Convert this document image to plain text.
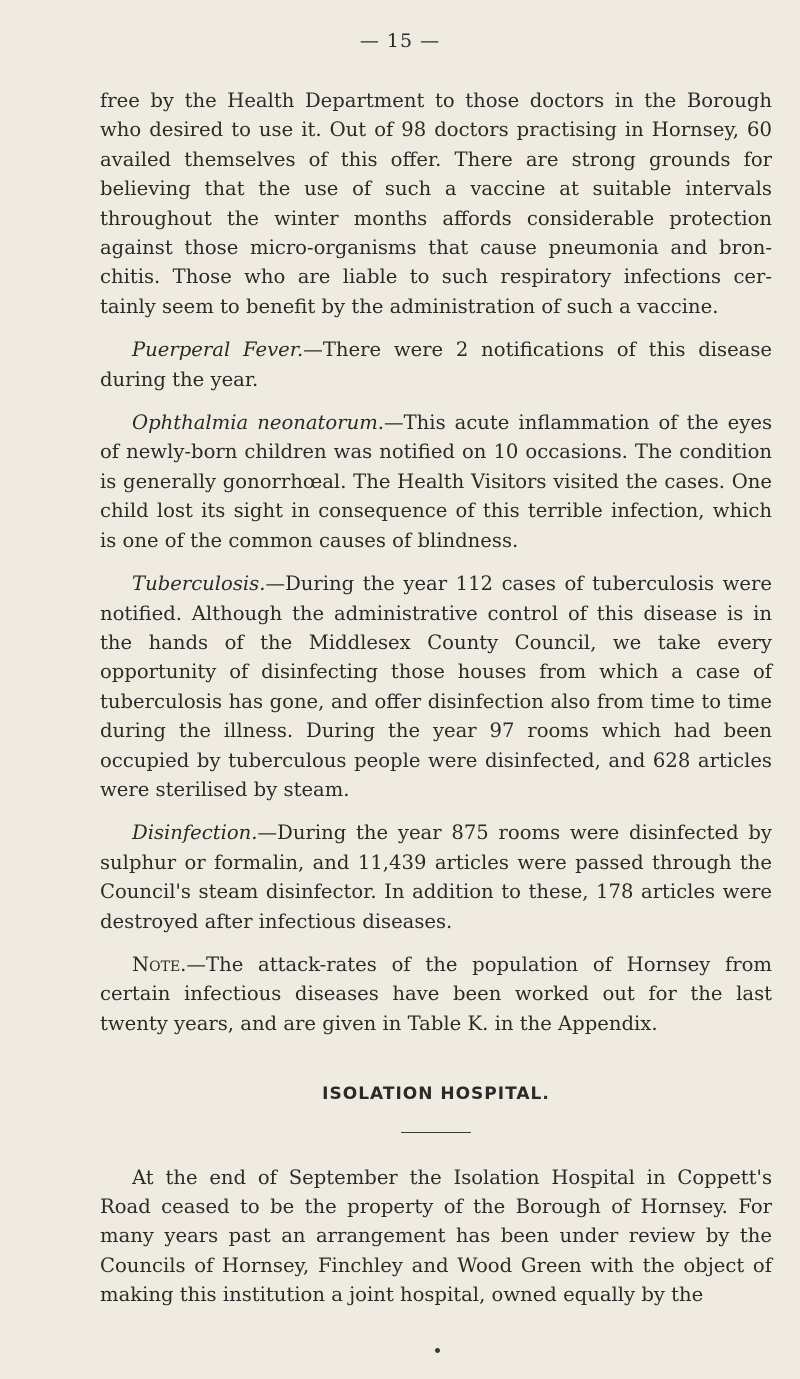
— 15 —

free by the Health Department to those doctors in the Borough who desired to use it. Out of 98 doctors practising in Hornsey, 60 availed themselves of this offer. There are strong grounds for believing that the use of such a vaccine at suitable intervals throughout the winter months affords considerable protection against those micro-organisms that cause pneumonia and bron-chitis. Those who are liable to such respiratory infections cer-tainly seem to benefit by the administration of such a vaccine.

Puerperal Fever.—There were 2 notifications of this disease during the year.

Ophthalmia neonatorum.—This acute inflammation of the eyes of newly-born children was notified on 10 occasions. The condition is generally gonorrhœal. The Health Visitors visited the cases. One child lost its sight in consequence of this terrible infection, which is one of the common causes of blindness.

Tuberculosis.—During the year 112 cases of tuberculosis were notified. Although the administrative control of this disease is in the hands of the Middlesex County Council, we take every opportunity of disinfecting those houses from which a case of tuberculosis has gone, and offer disinfection also from time to time during the illness. During the year 97 rooms which had been occupied by tuberculous people were disinfected, and 628 articles were sterilised by steam.

Disinfection.—During the year 875 rooms were disinfected by sulphur or formalin, and 11,439 articles were passed through the Council's steam disinfector. In addition to these, 178 articles were destroyed after infectious diseases.

Note.—The attack-rates of the population of Hornsey from certain infectious diseases have been worked out for the last twenty years, and are given in Table K. in the Appendix.

ISOLATION HOSPITAL.

At the end of September the Isolation Hospital in Coppett's Road ceased to be the property of the Borough of Hornsey. For many years past an arrangement has been under review by the Councils of Hornsey, Finchley and Wood Green with the object of making this institution a joint hospital, owned equally by the
